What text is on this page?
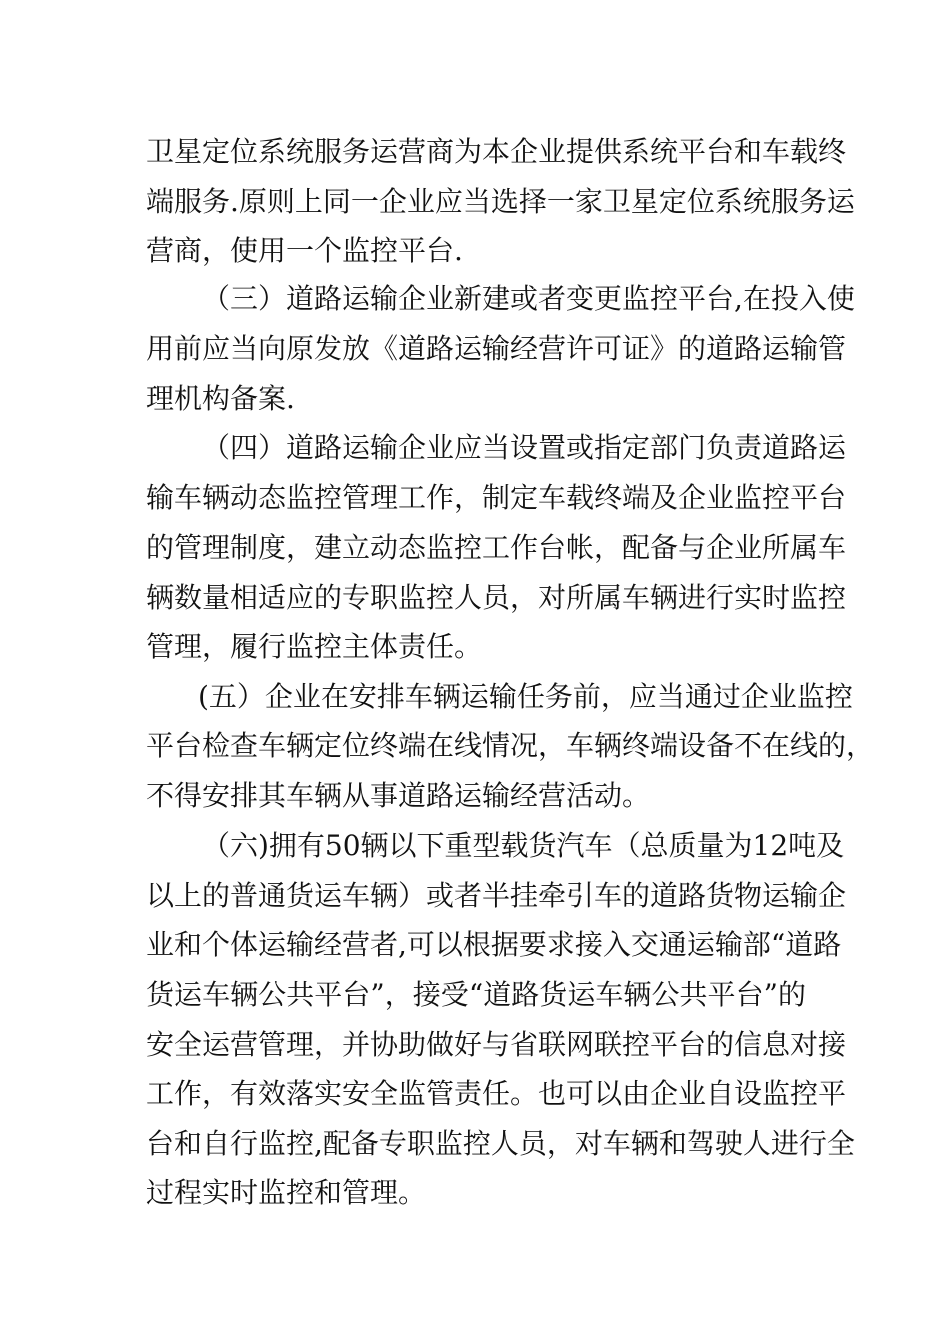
卫星定位系统服务运营商为本企业提供系统平台和车载终

端服务.原则上同一企业应当选择一家卫星定位系统服务运

营商，使用一个监控平台.

（三）道路运输企业新建或者变更监控平台,在投入使

用前应当向原发放《道路运输经营许可证》的道路运输管

理机构备案.

（四）道路运输企业应当设置或指定部门负责道路运

输车辆动态监控管理工作，制定车载终端及企业监控平台

的管理制度，建立动态监控工作台帐，配备与企业所属车

辆数量相适应的专职监控人员，对所属车辆进行实时监控

管理，履行监控主体责任。

(五）企业在安排车辆运输任务前，应当通过企业监控

平台检查车辆定位终端在线情况，车辆终端设备不在线的，

不得安排其车辆从事道路运输经营活动。

（六)拥有50辆以下重型载货汽车（总质量为12吨及

以上的普通货运车辆）或者半挂牵引车的道路货物运输企

业和个体运输经营者,可以根据要求接入交通运输部“道路

货运车辆公共平台”，接受“道路货运车辆公共平台”的

安全运营管理，并协助做好与省联网联控平台的信息对接

工作，有效落实安全监管责任。也可以由企业自设监控平

台和自行监控,配备专职监控人员，对车辆和驾驶人进行全

过程实时监控和管理。
